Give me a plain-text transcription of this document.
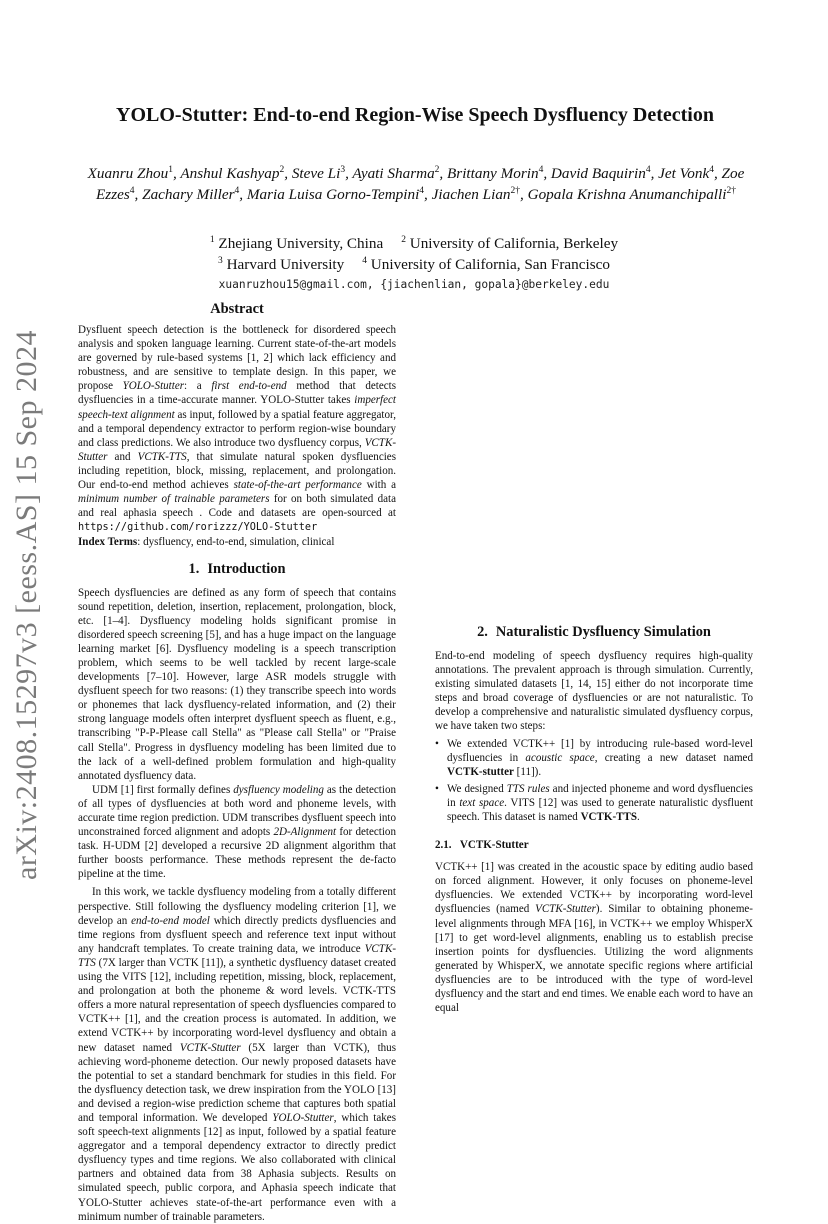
arXiv:2408.15297v3 [eess.AS] 15 Sep 2024
YOLO-Stutter: End-to-end Region-Wise Speech Dysfluency Detection
Xuanru Zhou$^1$, Anshul Kashyap$^2$, Steve Li$^3$, Ayati Sharma$^2$, Brittany Morin$^4$, David Baquirin$^4$, Jet Vonk$^4$, Zoe Ezzes$^4$, Zachary Miller$^4$, Maria Luisa Gorno-Tempini$^4$, Jiachen Lian$^{2\dagger}$, Gopala Krishna Anumanchipalli$^{2\dagger}$
$^1$ Zhejiang University, China $^2$ University of California, Berkeley
$^3$ Harvard University $^4$ University of California, San Francisco
xuanruzhou15@gmail.com, {jiachenlian, gopala}@berkeley.edu
Abstract

Dysfluent speech detection is the bottleneck for disordered speech analysis and spoken language learning. Current state-of-the-art models are governed by rule-based systems [1, 2] which lack efficiency and robustness, and are sensitive to template design. In this paper, we propose YOLO-Stutter: a first end-to-end method that detects dysfluencies in a time-accurate manner. YOLO-Stutter takes imperfect speech-text alignment as input, followed by a spatial feature aggregator, and a temporal dependency extractor to perform region-wise boundary and class predictions. We also introduce two dysfluency corpus, VCTK-Stutter and VCTK-TTS, that simulate natural spoken dysfluencies including repetition, block, missing, replacement, and prolongation. Our end-to-end method achieves state-of-the-art performance with a minimum number of trainable parameters for on both simulated data and real aphasia speech . Code and datasets are open-sourced at https://github.com/rorizzz/YOLO-Stutter

Index Terms: dysfluency, end-to-end, simulation, clinical

1. Introduction

Speech dysfluencies are defined as any form of speech that contains sound repetition, deletion, insertion, replacement, prolongation, block, etc. [1–4]. Dysfluency modeling holds significant promise in disordered speech screening [5], and has a huge impact on the language learning market [6]. Dysfluency modeling is a speech transcription problem, which seems to be well tackled by recent large-scale developments [7–10]. However, large ASR models struggle with dysfluent speech for two reasons: (1) they transcribe speech into words or phonemes that lack dysfluency-related information, and (2) their strong language models often interpret dysfluent speech as fluent, e.g., transcribing "P-P-Please call Stella" as "Please call Stella" or "Praise call Stella". Progress in dysfluency modeling has been limited due to the lack of a well-defined problem formulation and high-quality annotated dysfluency data.

UDM [1] first formally defines dysfluency modeling as the detection of all types of dysfluencies at both word and phoneme levels, with accurate time region prediction. UDM transcribes dysfluent speech into unconstrained forced alignment and adopts 2D-Alignment for detection task. H-UDM [2] developed a recursive 2D alignment algorithm that further boosts performance. These methods represent the de-facto pipeline at the time.

In this work, we tackle dysfluency modeling from a totally different perspective. Still following the dysfluency modeling criterion [1], we develop an end-to-end model which directly predicts dysfluencies and time regions from dysfluent speech and reference text input without any handcraft templates. To create training data, we introduce VCTK-TTS (7X larger than VCTK [11]), a synthetic dysfluency dataset created using the VITS [12], including repetition, missing, block, replacement, and prolongation at both the phoneme & word levels. VCTK-TTS offers a more natural representation of speech dysfluencies compared to VCTK++ [1], and the creation process is automated. In addition, we extend VCTK++ by incorporating word-level dysfluency and obtain a new dataset named VCTK-Stutter (5X larger than VCTK), thus achieving word-phoneme detection. Our newly proposed datasets have the potential to set a standard benchmark for studies in this field. For the dysfluency detection task, we drew inspiration from the YOLO [13] and devised a region-wise prediction scheme that captures both spatial and temporal information. We developed YOLO-Stutter, which takes soft speech-text alignments [12] as input, followed by a spatial feature aggregator and a temporal dependency extractor to directly predict dysfluency types and time regions. We also collaborated with clinical partners and obtained data from 38 Aphasia subjects. Results on simulated speech, public corpora, and Aphasia speech indicate that YOLO-Stutter achieves state-of-the-art performance even with a minimum number of trainable parameters.

2. Naturalistic Dysfluency Simulation

End-to-end modeling of speech dysfluency requires high-quality annotations. The prevalent approach is through simulation. Currently, existing simulated datasets [1, 14, 15] either do not incorporate time steps and broad coverage of dysfluencies or are not naturalistic. To develop a comprehensive and naturalistic simulated dysfluency corpus, we have taken two steps:

• We extended VCTK++ [1] by introducing rule-based word-level dysfluencies in acoustic space, creating a new dataset named VCTK-stutter [11]).
• We designed TTS rules and injected phoneme and word dysfluencies in text space. VITS [12] was used to generate naturalistic dysfluent speech. This dataset is named VCTK-TTS.
2.1. VCTK-Stutter

VCTK++ [1] was created in the acoustic space by editing audio based on forced alignment. However, it only focuses on phoneme-level dysfluencies. We extended VCTK++ by incorporating word-level dysfluencies (named VCTK-Stutter). Similar to obtaining phoneme-level alignments through MFA [16], in VCTK++ we employ WhisperX [17] to get word-level alignments, enabling us to establish precise insertion points for dysfluencies. Utilizing the word alignments generated by WhisperX, we annotate specific regions where artificial dysfluencies are to be introduced with the type of word-level dysfluency and the start and end times. We enable each word to have an equal
